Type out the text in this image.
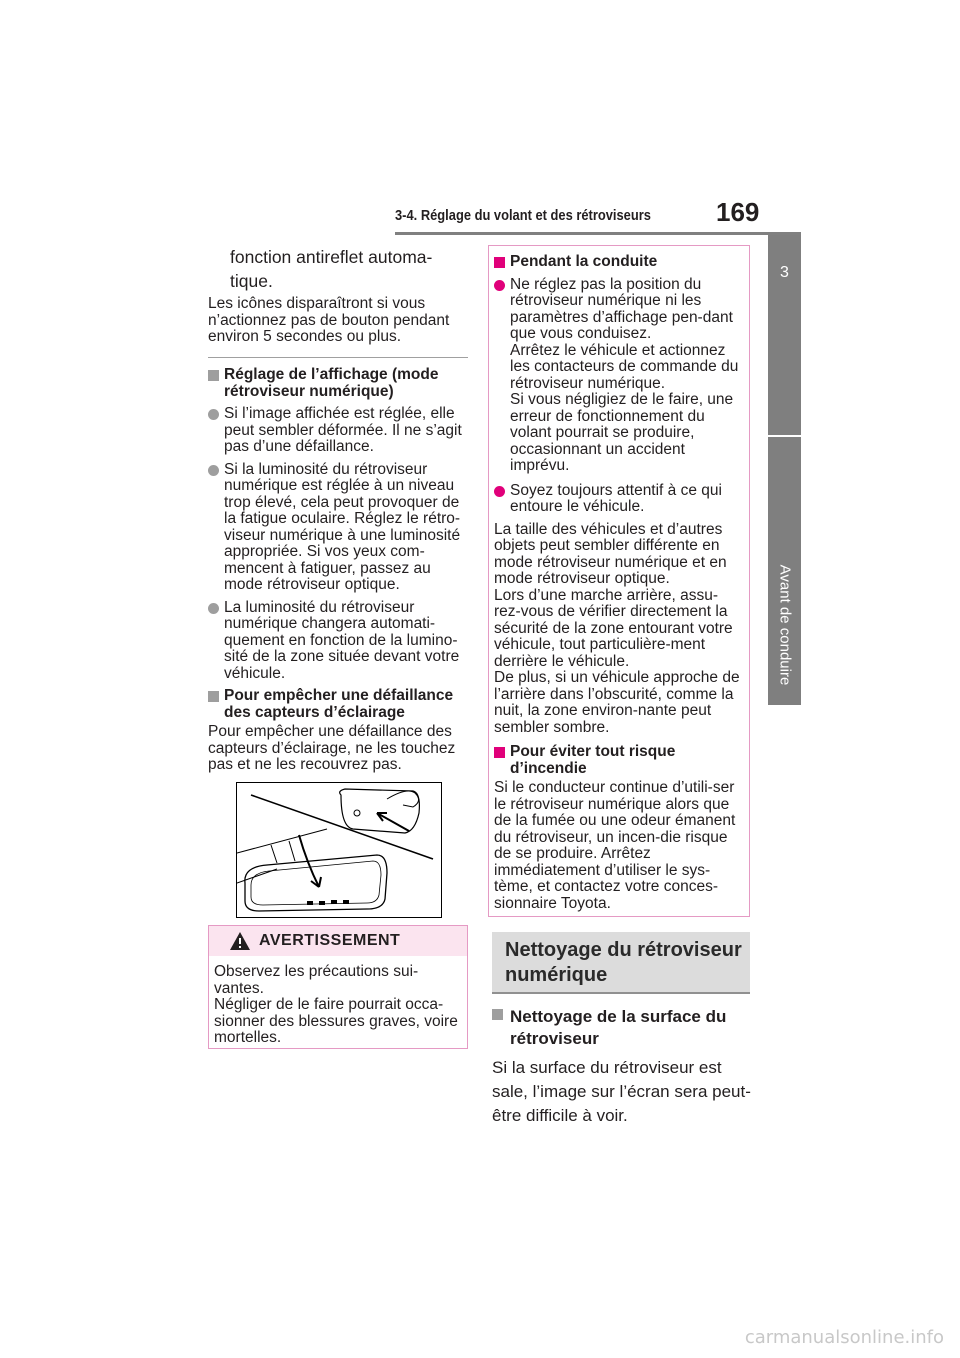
3-4. Réglage du volant et des rétroviseurs	169
3
Avant de conduire

fonction antireflet automa-tique.

Les icônes disparaîtront si vous n’actionnez pas de bouton pendant environ 5 secondes ou plus.

Réglage de l’affichage (mode rétroviseur numérique)
Si l’image affichée est réglée, elle peut sembler déformée. Il ne s’agit pas d’une défaillance.
Si la luminosité du rétroviseur numérique est réglée à un niveau trop élevé, cela peut provoquer de la fatigue oculaire. Réglez le rétro-viseur numérique à une luminosité appropriée. Si vos yeux com-mencent à fatiguer, passez au mode rétroviseur optique.
La luminosité du rétroviseur numérique changera automati-quement en fonction de la lumino-sité de la zone située devant votre véhicule.
Pour empêcher une défaillance des capteurs d’éclairage

Pour empêcher une défaillance des capteurs d’éclairage, ne les touchez pas et ne les recouvrez pas.

AVERTISSEMENT

Observez les précautions sui-vantes.

Négliger de le faire pourrait occa-sionner des blessures graves, voire mortelles.

Pendant la conduite

Ne réglez pas la position du rétroviseur numérique ni les paramètres d’affichage pen-dant que vous conduisez.

Arrêtez le véhicule et actionnez les contacteurs de commande du rétroviseur numérique.

Si vous négligiez de le faire, une erreur de fonctionnement du volant pourrait se produire, occasionnant un accident imprévu.

Soyez toujours attentif à ce qui entoure le véhicule.

La taille des véhicules et d’autres objets peut sembler différente en mode rétroviseur numérique et en mode rétroviseur optique.

Lors d’une marche arrière, assu-rez-vous de vérifier directement la sécurité de la zone entourant votre véhicule, tout particulière-ment derrière le véhicule.

De plus, si un véhicule approche de l’arrière dans l’obscurité, comme la nuit, la zone environ-nante peut sembler sombre.

Pour éviter tout risque d’incendie

Si le conducteur continue d’utili-ser le rétroviseur numérique alors que de la fumée ou une odeur émanent du rétroviseur, un incen-die risque de se produire. Arrêtez immédiatement d’utiliser le sys-tème, et contactez votre conces-sionnaire Toyota.

Nettoyage du rétroviseur numérique
Nettoyage de la surface du rétroviseur

Si la surface du rétroviseur est sale, l’image sur l’écran sera peut-être difficile à voir.

carmanualsonline.info
